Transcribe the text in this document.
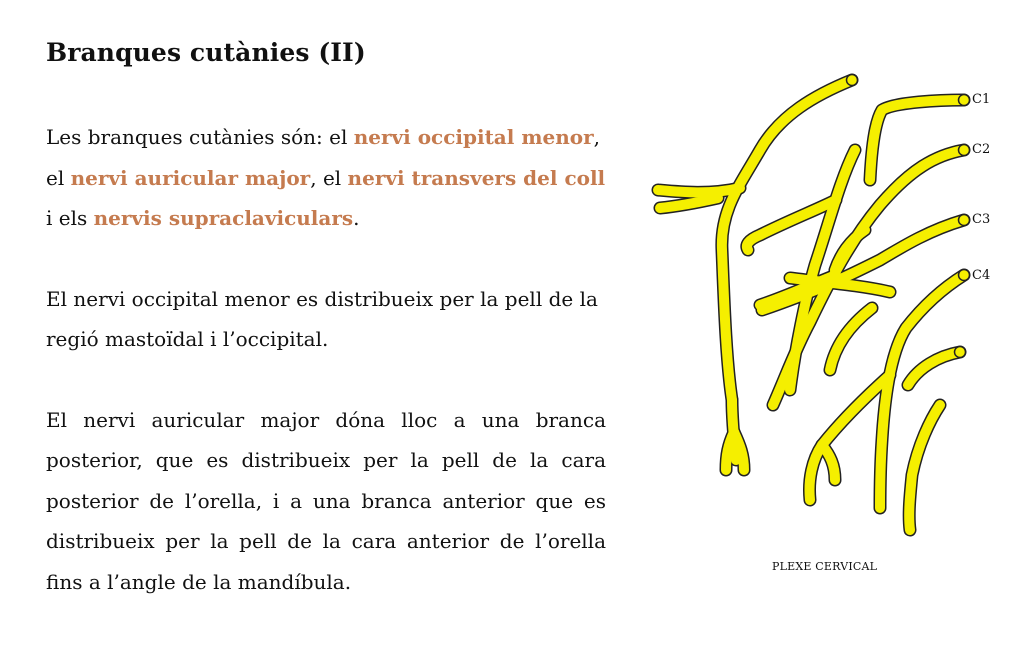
Branques cutànies (II)

Les branques cutànies són: el nervi occipital menor, el nervi auricular major, el nervi transvers del coll i els nervis supraclaviculars.

El nervi occipital menor es distribueix per la pell de la regió mastoïdal i l’occipital.

El nervi auricular major dóna lloc a una branca posterior, que es distribueix per la pell de la cara posterior de l’orella, i a una branca anterior que es distribueix per la pell de la cara anterior de l’orella fins a l’angle de la mandíbula.

C1
C2
C3
C4
PLEXE CERVICAL
